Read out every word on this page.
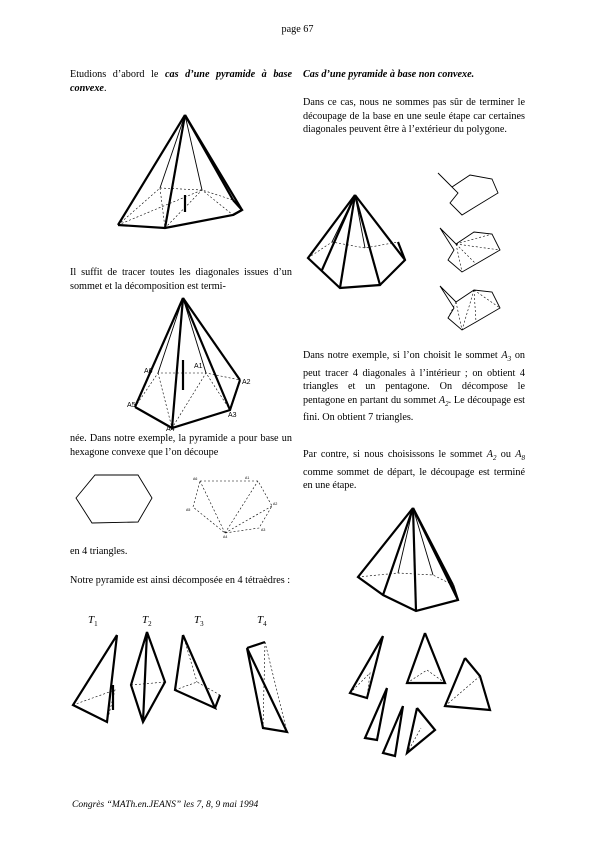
page 67
Etudions d’abord le cas d’une pyramide à base convexe.
Il suffit de tracer toutes les diagonales issues d’un sommet et la décomposition est termi-
A6
A1
A2
A3
A4
A5
née. Dans notre exemple, la pyramide a pour base un hexagone convexe que l’on découpe
A1
A2
A3
A4
A5
A6
en 4 triangles.
Notre pyramide est ainsi décomposée en 4 tétraèdres :
$T_1$	$T_2$	$T_3$	$T_4$
Cas d’une pyramide à base non convexe.
Dans ce cas, nous ne sommes pas sûr de terminer le découpage de la base en une seule étape car certaines diagonales peuvent être à l’extérieur du polygone.
Dans notre exemple, si l’on choisit le sommet $A_3$ on peut tracer 4 diagonales à l’intérieur ; on obtient 4 triangles et un pentagone. On décompose le pentagone en partant du sommet $A_2$. Le découpage est fini. On obtient 7 triangles.
Par contre, si nous choisissons le sommet $A_2$ ou $A_8$ comme sommet de départ, le découpage est terminé en une étape.
Congrès “MATh.en.JEANS” les 7, 8, 9 mai 1994
